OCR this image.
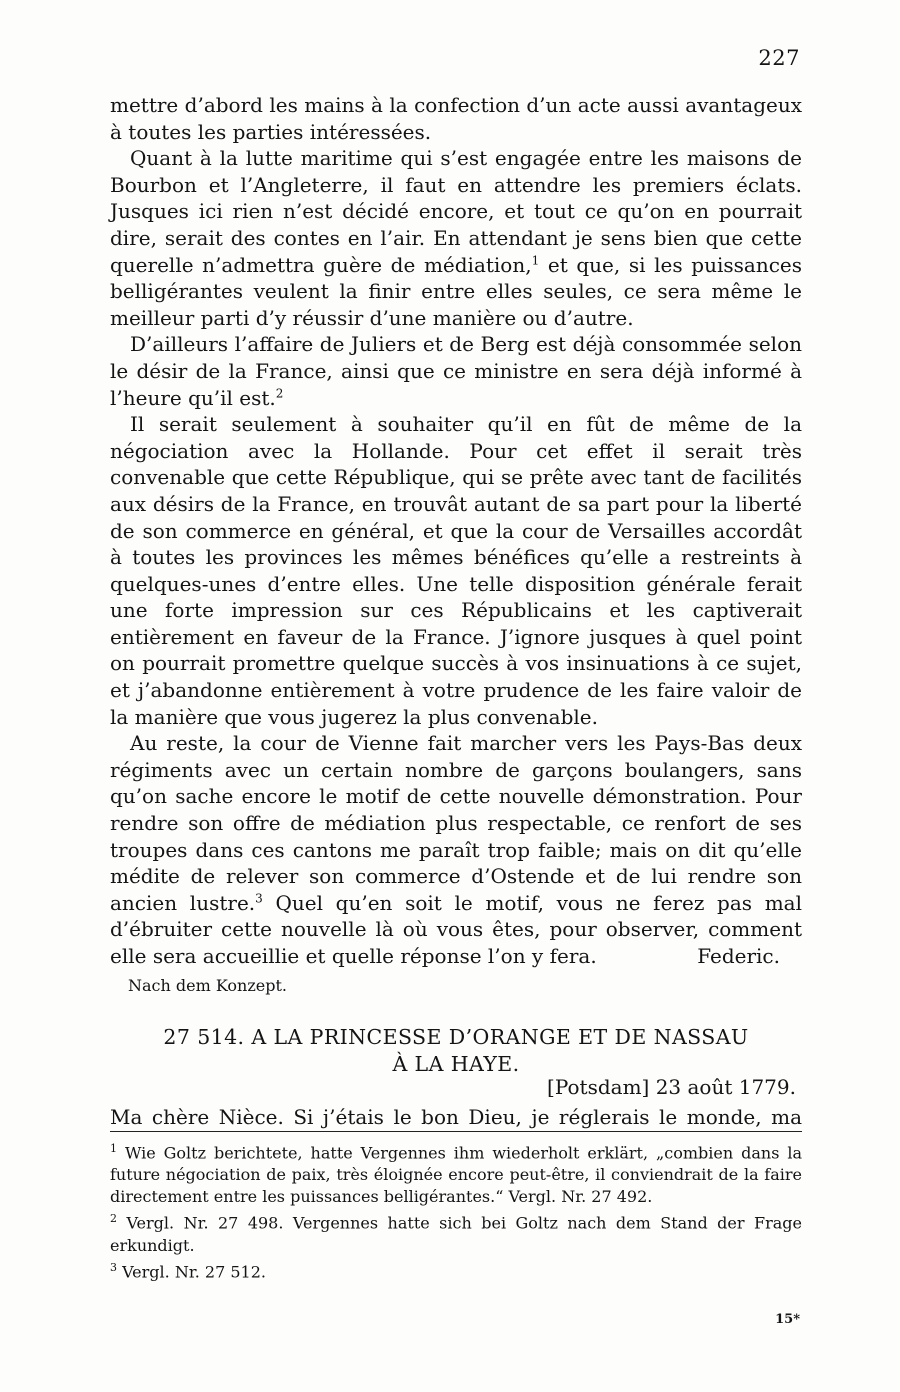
227

mettre d’abord les mains à la confection d’un acte aussi avantageux à toutes les parties intéressées.

Quant à la lutte maritime qui s’est engagée entre les maisons de Bourbon et l’Angleterre, il faut en attendre les premiers éclats. Jusques ici rien n’est décidé encore, et tout ce qu’on en pourrait dire, serait des contes en l’air. En attendant je sens bien que cette querelle n’admettra guère de médiation,$^1$ et que, si les puissances belligérantes veulent la finir entre elles seules, ce sera même le meilleur parti d’y réussir d’une manière ou d’autre.

D’ailleurs l’affaire de Juliers et de Berg est déjà consommée selon le désir de la France, ainsi que ce ministre en sera déjà informé à l’heure qu’il est.$^2$

Il serait seulement à souhaiter qu’il en fût de même de la négociation avec la Hollande. Pour cet effet il serait très convenable que cette République, qui se prête avec tant de facilités aux désirs de la France, en trouvât autant de sa part pour la liberté de son commerce en général, et que la cour de Versailles accordât à toutes les provinces les mêmes bénéfices qu’elle a restreints à quelques-unes d’entre elles. Une telle disposition générale ferait une forte impression sur ces Républicains et les captiverait entièrement en faveur de la France. J’ignore jusques à quel point on pourrait promettre quelque succès à vos insinuations à ce sujet, et j’abandonne entièrement à votre prudence de les faire valoir de la manière que vous jugerez la plus convenable.

Au reste, la cour de Vienne fait marcher vers les Pays-Bas deux régiments avec un certain nombre de garçons boulangers, sans qu’on sache encore le motif de cette nouvelle démonstration. Pour rendre son offre de médiation plus respectable, ce renfort de ses troupes dans ces cantons me paraît trop faible; mais on dit qu’elle médite de relever son commerce d’Ostende et de lui rendre son ancien lustre.$^3$ Quel qu’en soit le motif, vous ne ferez pas mal d’ébruiter cette nouvelle là où vous êtes, pour observer, comment elle sera accueillie et quelle réponse l’on y fera.	Federic.
Nach dem Konzept.
27 514. A LA PRINCESSE D’ORANGE ET DE NASSAU
À LA HAYE.
[Potsdam] 23 août 1779.
Ma chère Nièce. Si j’étais le bon Dieu, je réglerais le monde, ma

$^1$ Wie Goltz berichtete, hatte Vergennes ihm wiederholt erklärt, „combien dans la future négociation de paix, très éloignée encore peut-être, il conviendrait de la faire directement entre les puissances belligérantes.“ Vergl. Nr. 27 492.

$^2$ Vergl. Nr. 27 498. Vergennes hatte sich bei Goltz nach dem Stand der Frage erkundigt.

$^3$ Vergl. Nr. 27 512.

15*
